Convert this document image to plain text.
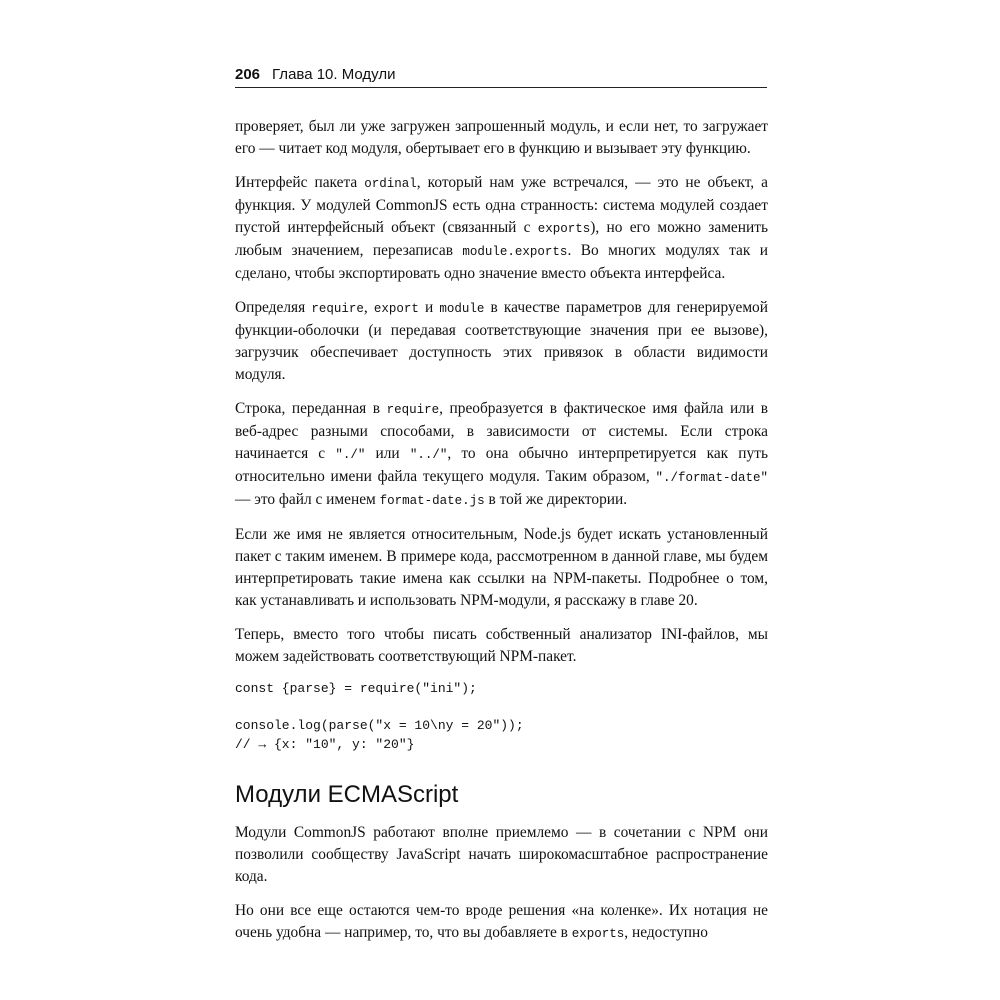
206 Глава 10. Модули

проверяет, был ли уже загружен запрошенный модуль, и если нет, то загружает его — читает код модуля, обертывает его в функцию и вызывает эту функцию.

Интерфейс пакета ordinal, который нам уже встречался, — это не объект, а функция. У модулей CommonJS есть одна странность: система модулей создает пустой интерфейсный объект (связанный с exports), но его можно заменить любым значением, перезаписав module.exports. Во многих модулях так и сделано, чтобы экспортировать одно значение вместо объекта интерфейса.

Определяя require, export и module в качестве параметров для генерируемой функции-оболочки (и передавая соответствующие значения при ее вызове), загрузчик обеспечивает доступность этих привязок в области видимости модуля.

Строка, переданная в require, преобразуется в фактическое имя файла или в веб-адрес разными способами, в зависимости от системы. Если строка начинается с "./" или "../", то она обычно интерпретируется как путь относительно имени файла текущего модуля. Таким образом, "./format-date" — это файл с именем format-date.js в той же директории.

Если же имя не является относительным, Node.js будет искать установленный пакет с таким именем. В примере кода, рассмотренном в данной главе, мы будем интерпретировать такие имена как ссылки на NPM-пакеты. Подробнее о том, как устанавливать и использовать NPM-модули, я расскажу в главе 20.

Теперь, вместо того чтобы писать собственный анализатор INI-файлов, мы можем задействовать соответствующий NPM-пакет.

const {parse} = require("ini");
console.log(parse("x = 10\ny = 20"));
// → {x: "10", y: "20"}
Модули ECMAScript

Модули CommonJS работают вполне приемлемо — в сочетании с NPM они позволили сообществу JavaScript начать широкомасштабное распространение кода.

Но они все еще остаются чем-то вроде решения «на коленке». Их нотация не очень удобна — например, то, что вы добавляете в exports, недоступно
